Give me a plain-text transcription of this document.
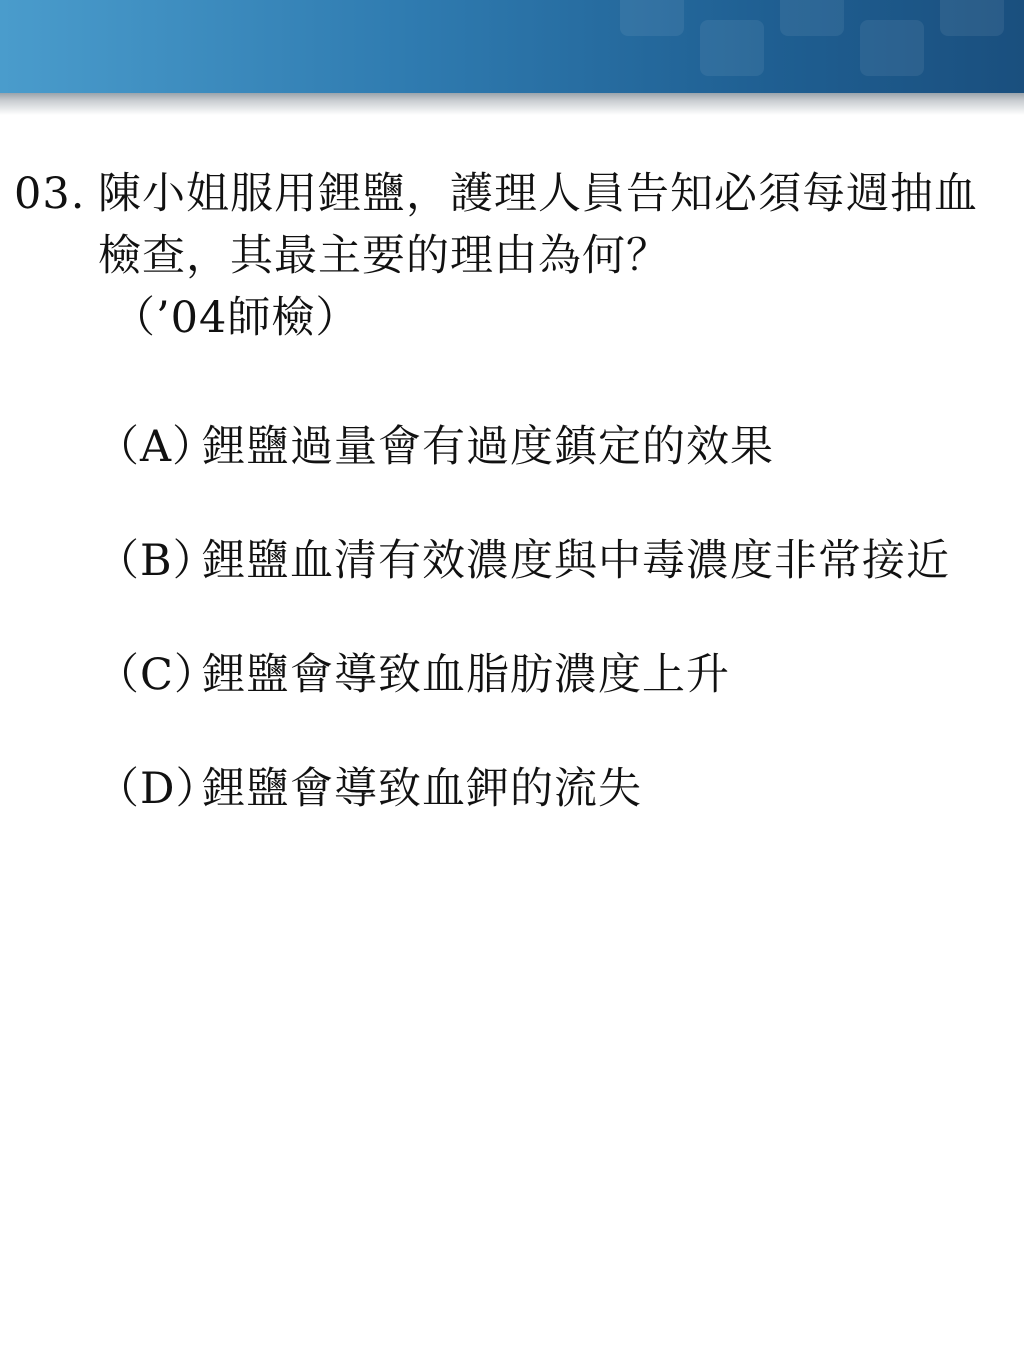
03. 陳小姐服用鋰鹽，護理人員告知必須每週抽血檢查，其最主要的理由為何？
（’04師檢）
（A）
鋰鹽過量會有過度鎮定的效果
（B）
鋰鹽血清有效濃度與中毒濃度非常接近
（C）
鋰鹽會導致血脂肪濃度上升
（D）
鋰鹽會導致血鉀的流失
